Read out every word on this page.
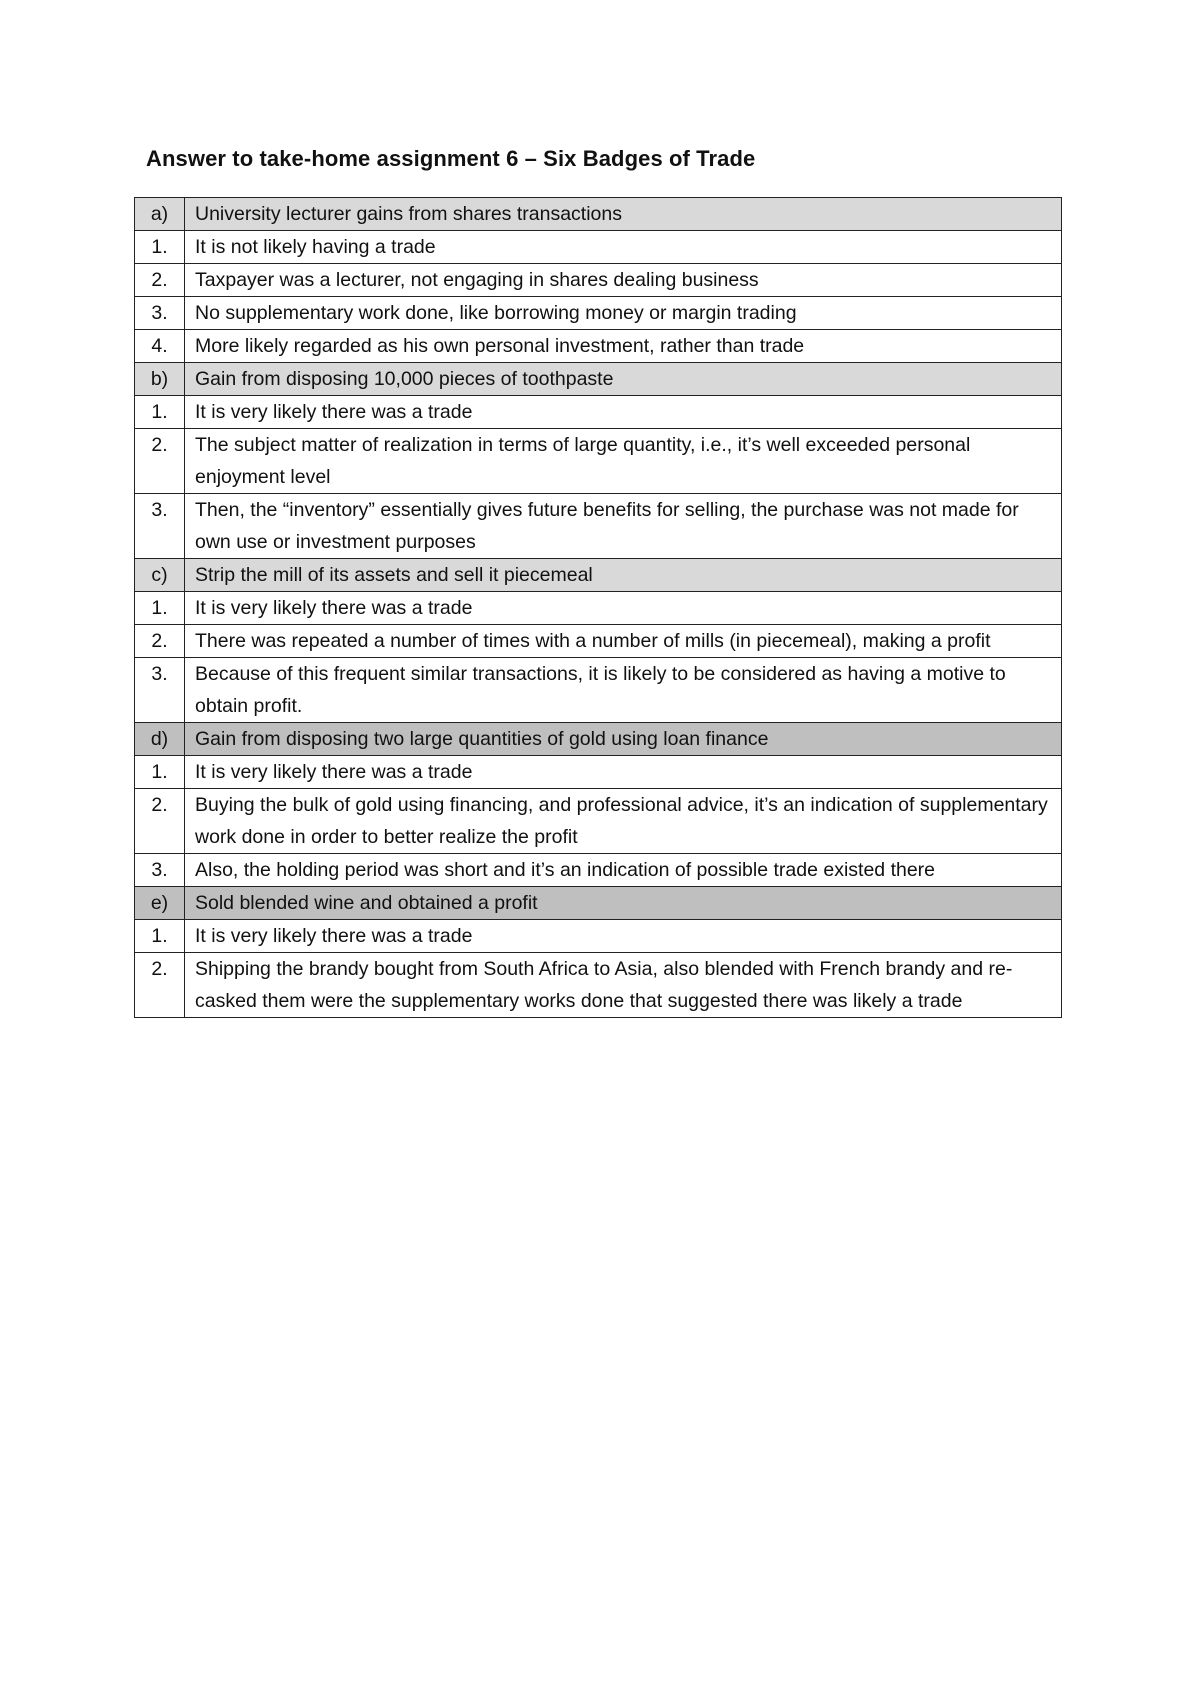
Answer to take-home assignment 6 – Six Badges of Trade
a)	University lecturer gains from shares transactions
1.	It is not likely having a trade
2.	Taxpayer was a lecturer, not engaging in shares dealing business
3.	No supplementary work done, like borrowing money or margin trading
4.	More likely regarded as his own personal investment, rather than trade
b)	Gain from disposing 10,000 pieces of toothpaste
1.	It is very likely there was a trade
2.	The subject matter of realization in terms of large quantity, i.e., it’s well exceeded personal enjoyment level
3.	Then, the “inventory” essentially gives future benefits for selling, the purchase was not made for own use or investment purposes
c)	Strip the mill of its assets and sell it piecemeal
1.	It is very likely there was a trade
2.	There was repeated a number of times with a number of mills (in piecemeal), making a profit
3.	Because of this frequent similar transactions, it is likely to be considered as having a motive to obtain profit.
d)	Gain from disposing two large quantities of gold using loan finance
1.	It is very likely there was a trade
2.	Buying the bulk of gold using financing, and professional advice, it’s an indication of supplementary work done in order to better realize the profit
3.	Also, the holding period was short and it’s an indication of possible trade existed there
e)	Sold blended wine and obtained a profit
1.	It is very likely there was a trade
2.	Shipping the brandy bought from South Africa to Asia, also blended with French brandy and re-casked them were the supplementary works done that suggested there was likely a trade
